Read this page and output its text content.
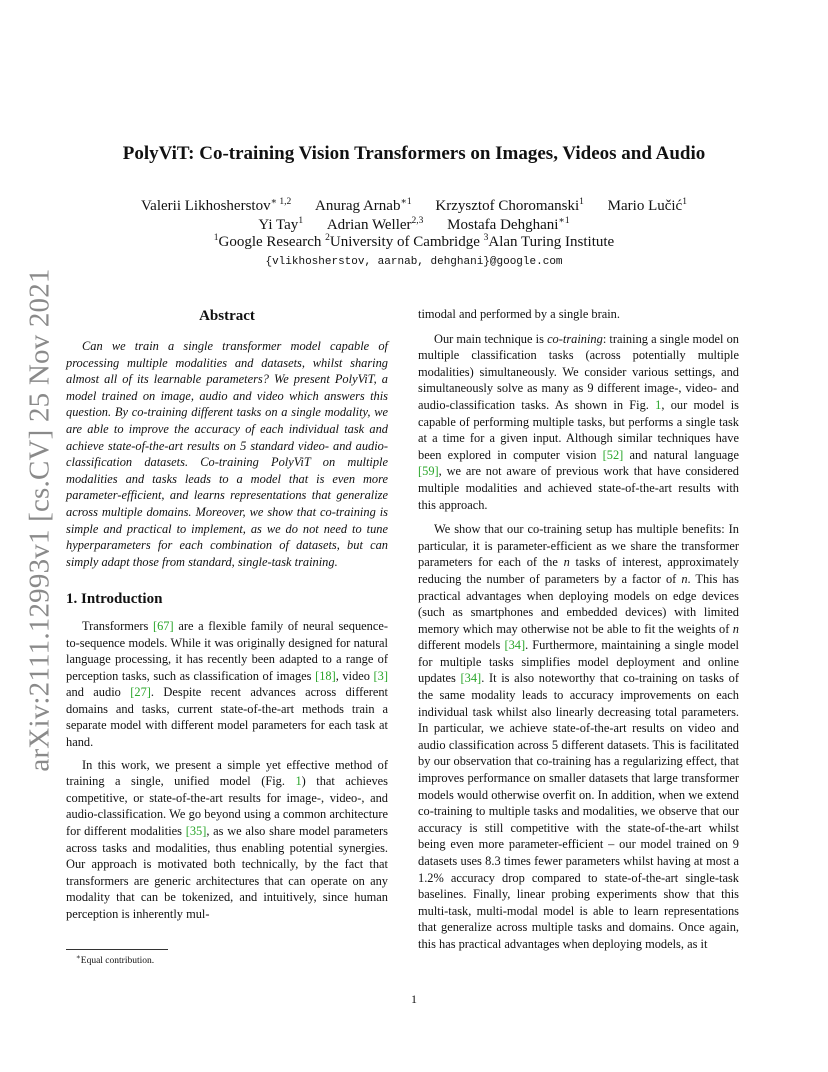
arXiv:2111.12993v1 [cs.CV] 25 Nov 2021
PolyViT: Co-training Vision Transformers on Images, Videos and Audio
Valerii Likhosherstov$^{∗ 1,2}$ Anurag Arnab$^{∗1}$ Krzysztof Choromanski$^1$ Mario Lučić$^1$
Yi Tay$^1$ Adrian Weller$^{2,3}$ Mostafa Dehghani$^{∗1}$
$^1$Google Research $^2$University of Cambridge $^3$Alan Turing Institute
{vlikhosherstov, aarnab, dehghani}@google.com
Abstract

Can we train a single transformer model capable of processing multiple modalities and datasets, whilst sharing almost all of its learnable parameters? We present PolyViT, a model trained on image, audio and video which answers this question. By co-training different tasks on a single modality, we are able to improve the accuracy of each individual task and achieve state-of-the-art results on 5 standard video- and audio-classification datasets. Co-training PolyViT on multiple modalities and tasks leads to a model that is even more parameter-efficient, and learns representations that generalize across multiple domains. Moreover, we show that co-training is simple and practical to implement, as we do not need to tune hyperparameters for each combination of datasets, but can simply adapt those from standard, single-task training.

1. Introduction

Transformers [67] are a flexible family of neural sequence-to-sequence models. While it was originally designed for natural language processing, it has recently been adapted to a range of perception tasks, such as classification of images [18], video [3] and audio [27]. Despite recent advances across different domains and tasks, current state-of-the-art methods train a separate model with different model parameters for each task at hand.

In this work, we present a simple yet effective method of training a single, unified model (Fig. 1) that achieves competitive, or state-of-the-art results for image-, video-, and audio-classification. We go beyond using a common architecture for different modalities [35], as we also share model parameters across tasks and modalities, thus enabling potential synergies. Our approach is motivated both technically, by the fact that transformers are generic architectures that can operate on any modality that can be tokenized, and intuitively, since human perception is inherently mul-

timodal and performed by a single brain.

Our main technique is co-training: training a single model on multiple classification tasks (across potentially multiple modalities) simultaneously. We consider various settings, and simultaneously solve as many as 9 different image-, video- and audio-classification tasks. As shown in Fig. 1, our model is capable of performing multiple tasks, but performs a single task at a time for a given input. Although similar techniques have been explored in computer vision [52] and natural language [59], we are not aware of previous work that have considered multiple modalities and achieved state-of-the-art results with this approach.

We show that our co-training setup has multiple benefits: In particular, it is parameter-efficient as we share the transformer parameters for each of the n tasks of interest, approximately reducing the number of parameters by a factor of n. This has practical advantages when deploying models on edge devices (such as smartphones and embedded devices) with limited memory which may otherwise not be able to fit the weights of n different models [34]. Furthermore, maintaining a single model for multiple tasks simplifies model deployment and online updates [34]. It is also noteworthy that co-training on tasks of the same modality leads to accuracy improvements on each individual task whilst also linearly decreasing total parameters. In particular, we achieve state-of-the-art results on video and audio classification across 5 different datasets. This is facilitated by our observation that co-training has a regularizing effect, that improves performance on smaller datasets that large transformer models would otherwise overfit on. In addition, when we extend co-training to multiple tasks and modalities, we observe that our accuracy is still competitive with the state-of-the-art whilst being even more parameter-efficient – our model trained on 9 datasets uses 8.3 times fewer parameters whilst having at most a 1.2% accuracy drop compared to state-of-the-art single-task baselines. Finally, linear probing experiments show that this multi-task, multi-modal model is able to learn representations that generalize across multiple tasks and domains. Once again, this has practical advantages when deploying models, as it

∗Equal contribution.
1
